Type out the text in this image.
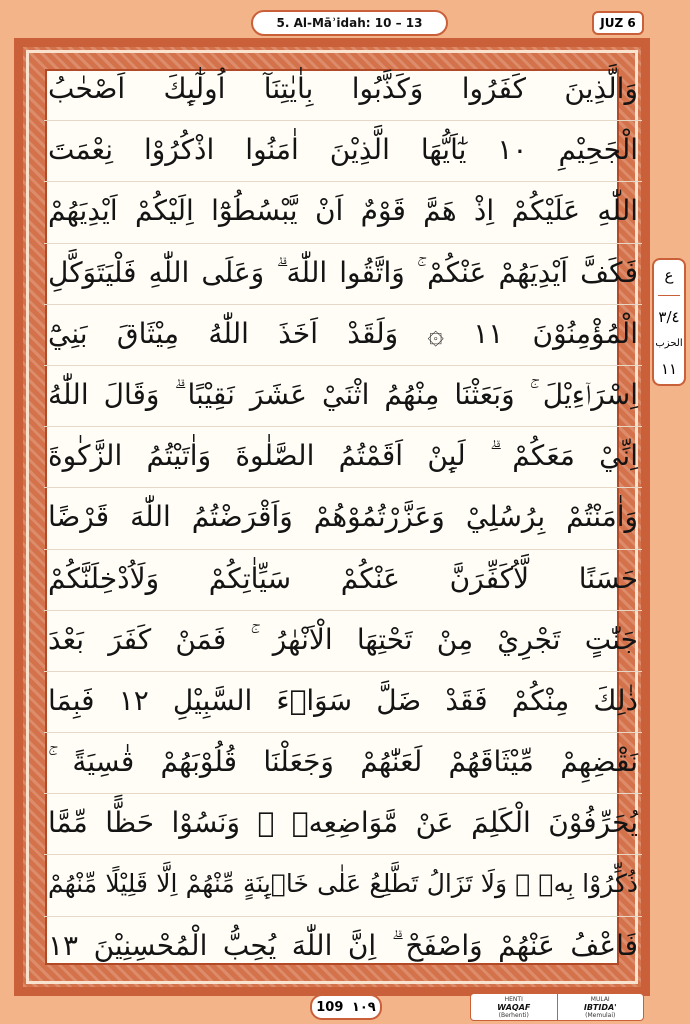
5. Al-Māʾidah: 10 – 13	JUZ 6
ع
٣/٤
الحزب
١١
وَالَّذِينَ كَفَرُوا وَكَذَّبُوا بِاٰيٰتِنَآ اُولٰٓىِٕكَ اَصْحٰبُ
الْجَحِيْمِ ١٠ يٰٓاَيُّهَا الَّذِيْنَ اٰمَنُوا اذْكُرُوْا نِعْمَتَ
اللّٰهِ عَلَيْكُمْ اِذْ هَمَّ قَوْمٌ اَنْ يَّبْسُطُوْٓا اِلَيْكُمْ اَيْدِيَهُمْ
فَكَفَّ اَيْدِيَهُمْ عَنْكُمْ ۚ وَاتَّقُوا اللّٰهَ ۗ وَعَلَى اللّٰهِ فَلْيَتَوَكَّلِ
الْمُؤْمِنُوْنَ ١١ ۞ وَلَقَدْ اَخَذَ اللّٰهُ مِيْثَاقَ بَنِيْٓ
اِسْرَاۤءِيْلَ ۚ وَبَعَثْنَا مِنْهُمُ اثْنَيْ عَشَرَ نَقِيْبًا ۗ وَقَالَ اللّٰهُ
اِنِّيْ مَعَكُمْ ۗ لَىِٕنْ اَقَمْتُمُ الصَّلٰوةَ وَاٰتَيْتُمُ الزَّكٰوةَ
وَاٰمَنْتُمْ بِرُسُلِيْ وَعَزَّرْتُمُوْهُمْ وَاَقْرَضْتُمُ اللّٰهَ قَرْضًا
حَسَنًا لَّاُكَفِّرَنَّ عَنْكُمْ سَيِّاٰتِكُمْ وَلَاُدْخِلَنَّكُمْ
جَنّٰتٍ تَجْرِيْ مِنْ تَحْتِهَا الْاَنْهٰرُ ۚ فَمَنْ كَفَرَ بَعْدَ
ذٰلِكَ مِنْكُمْ فَقَدْ ضَلَّ سَوَاۤءَ السَّبِيْلِ ١٢ فَبِمَا
نَقْضِهِمْ مِّيْثَاقَهُمْ لَعَنّٰهُمْ وَجَعَلْنَا قُلُوْبَهُمْ قٰسِيَةً ۚ
يُحَرِّفُوْنَ الْكَلِمَ عَنْ مَّوَاضِعِهٖ ۙ وَنَسُوْا حَظًّا مِّمَّا
ذُكِّرُوْا بِهٖ ۚ وَلَا تَزَالُ تَطَّلِعُ عَلٰى خَاۤىِٕنَةٍ مِّنْهُمْ اِلَّا قَلِيْلًا مِّنْهُمْ
فَاعْفُ عَنْهُمْ وَاصْفَحْ ۗ اِنَّ اللّٰهَ يُحِبُّ الْمُحْسِنِيْنَ ١٣
109 ١٠٩	HENTI
WAQAF
(Berhenti)
MULAI
IBTIDA'
(Memulai)
